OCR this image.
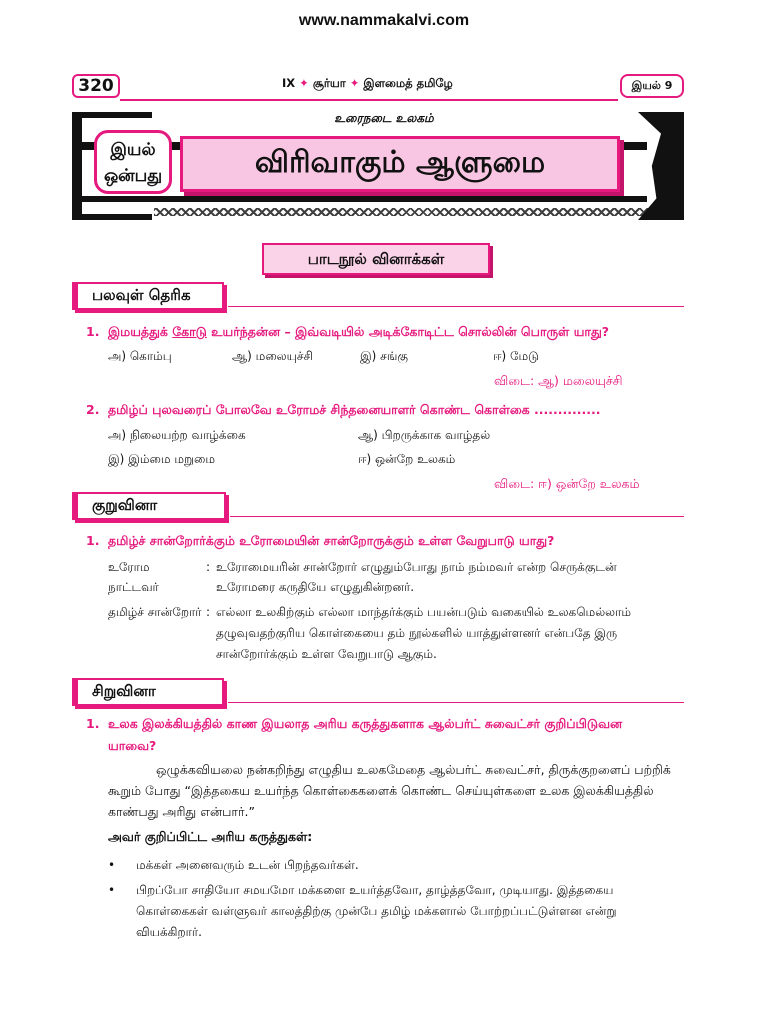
www.nammakalvi.com
320	IX ✦ சூர்யா ✦ இளமைத் தமிழே	இயல் 9
விரிவாகும் ஆளுமை
இயல்
ஒன்பது
உரைநடை உலகம்
பாடநூல் வினாக்கள்
பலவுள் தெரிக
1. இமயத்துக் கோடு உயர்ந்தன்ன – இவ்வடியில் அடிக்கோடிட்ட சொல்லின் பொருள் யாது?
அ) கொம்பு	ஆ) மலையுச்சி	இ) சங்கு	ஈ) மேடு
விடை: ஆ) மலையுச்சி
2. தமிழ்ப் புலவரைப் போலவே உரோமச் சிந்தனையாளர் கொண்ட கொள்கை ..............
அ) நிலையற்ற வாழ்க்கை	ஆ) பிறருக்காக வாழ்தல்
இ) இம்மை மறுமை	ஈ) ஒன்றே உலகம்
விடை: ஈ) ஒன்றே உலகம்
குறுவினா
1. தமிழ்ச் சான்றோர்க்கும் உரோமையின் சான்றோருக்கும் உள்ள வேறுபாடு யாது?
உரோம நாட்டவர்
: உரோமையரின் சான்றோர் எழுதும்போது நாம் நம்மவர் என்ற செருக்குடன்
உரோமரை கருதியே எழுதுகின்றனர்.
தமிழ்ச் சான்றோர் : எல்லா உலகிற்கும் எல்லா மாந்தர்க்கும் பயன்படும் வகையில் உலகமெல்லாம்
தழுவுவதற்குரிய கொள்கையை தம் நூல்களில் யாத்துள்ளனர் என்பதே இரு
சான்றோர்க்கும் உள்ள வேறுபாடு ஆகும்.
சிறுவினா
1. உலக இலக்கியத்தில் காண இயலாத அரிய கருத்துகளாக ஆல்பர்ட் சுவைட்சர் குறிப்பிடுவன
யாவை?
ஒழுக்கவியலை நன்கறிந்து எழுதிய உலகமேதை ஆல்பர்ட் சுவைட்சர், திருக்குறளைப் பற்றிக்
கூறும் போது “இத்தகைய உயர்ந்த கொள்கைகளைக் கொண்ட செய்யுள்களை உலக இலக்கியத்தில்
காண்பது அரிது என்பார்.”
அவர் குறிப்பிட்ட அரிய கருத்துகள்:
• மக்கள் அனைவரும் உடன் பிறந்தவர்கள்.
• பிறப்போ சாதியோ சமயமோ மக்களை உயர்த்தவோ, தாழ்த்தவோ, முடியாது. இத்தகைய
கொள்கைகள் வள்ளுவர் காலத்திற்கு முன்பே தமிழ் மக்களால் போற்றப்பட்டுள்ளன என்று
வியக்கிறார்.
